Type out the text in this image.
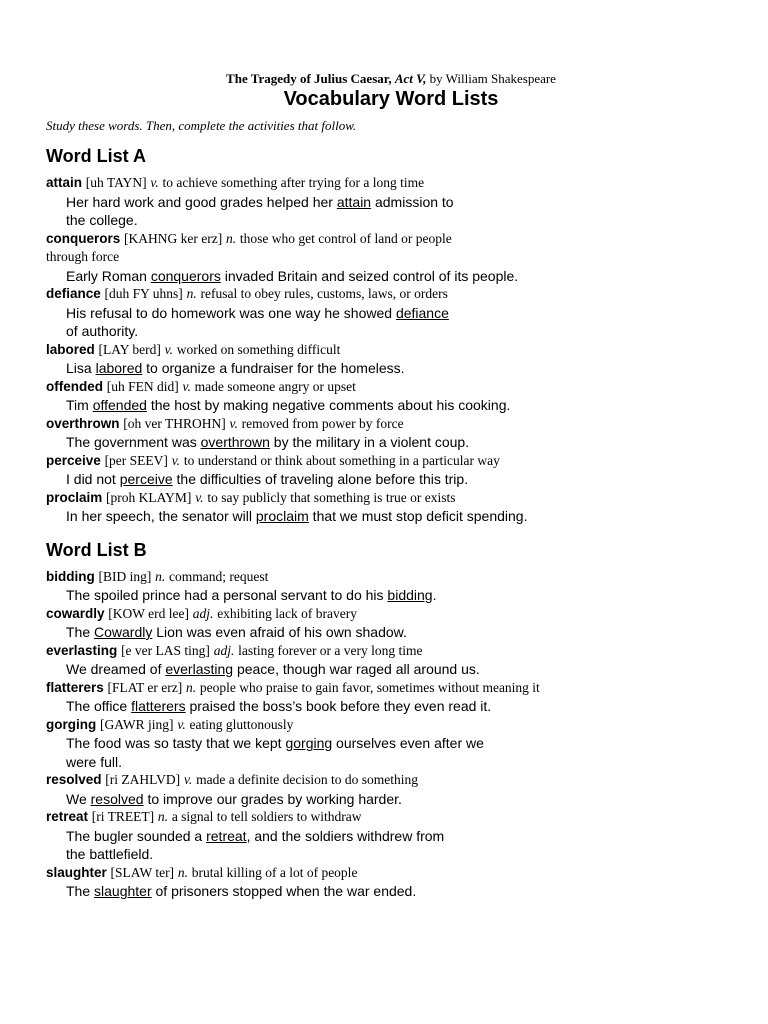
The Tragedy of Julius Caesar, Act V, by William Shakespeare
Vocabulary Word Lists
Study these words. Then, complete the activities that follow.
Word List A
attain [uh TAYN] v. to achieve something after trying for a long time
Her hard work and good grades helped her attain admission to
the college.
conquerors [KAHNG ker erz] n. those who get control of land or people
through force
Early Roman conquerors invaded Britain and seized control of its people.
defiance [duh FY uhns] n. refusal to obey rules, customs, laws, or orders
His refusal to do homework was one way he showed defiance
of authority.
labored [LAY berd] v. worked on something difficult
Lisa labored to organize a fundraiser for the homeless.
offended [uh FEN did] v. made someone angry or upset
Tim offended the host by making negative comments about his cooking.
overthrown [oh ver THROHN] v. removed from power by force
The government was overthrown by the military in a violent coup.
perceive [per SEEV] v. to understand or think about something in a particular way
I did not perceive the difficulties of traveling alone before this trip.
proclaim [proh KLAYM] v. to say publicly that something is true or exists
In her speech, the senator will proclaim that we must stop deficit spending.
Word List B
bidding [BID ing] n. command; request
The spoiled prince had a personal servant to do his bidding.
cowardly [KOW erd lee] adj. exhibiting lack of bravery
The Cowardly Lion was even afraid of his own shadow.
everlasting [e ver LAS ting] adj. lasting forever or a very long time
We dreamed of everlasting peace, though war raged all around us.
flatterers [FLAT er erz] n. people who praise to gain favor, sometimes without meaning it
The office flatterers praised the boss’s book before they even read it.
gorging [GAWR jing] v. eating gluttonously
The food was so tasty that we kept gorging ourselves even after we
were full.
resolved [ri ZAHLVD] v. made a definite decision to do something
We resolved to improve our grades by working harder.
retreat [ri TREET] n. a signal to tell soldiers to withdraw
The bugler sounded a retreat, and the soldiers withdrew from
the battlefield.
slaughter [SLAW ter] n. brutal killing of a lot of people
The slaughter of prisoners stopped when the war ended.
